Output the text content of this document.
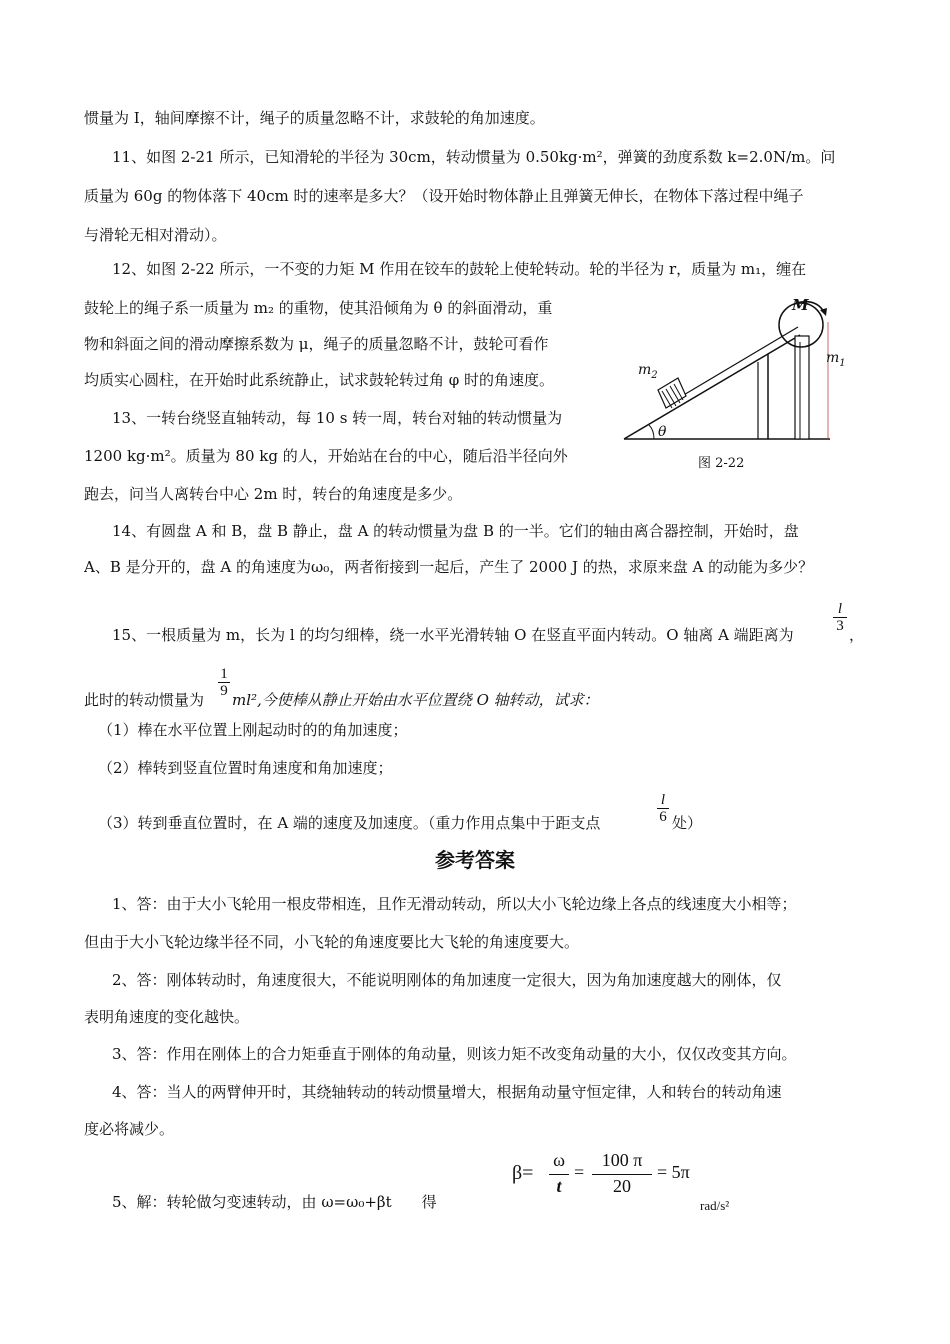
惯量为 I，轴间摩擦不计，绳子的质量忽略不计，求鼓轮的角加速度。
11、如图 2-21 所示，已知滑轮的半径为 30cm，转动惯量为 0.50kg·m²，弹簧的劲度系数 k=2.0N/m。问
质量为 60g 的物体落下 40cm 时的速率是多大？（设开始时物体静止且弹簧无伸长，在物体下落过程中绳子
与滑轮无相对滑动）。
12、如图 2-22 所示，一不变的力矩 M 作用在铰车的鼓轮上使轮转动。轮的半径为 r，质量为 m₁，缠在
鼓轮上的绳子系一质量为 m₂ 的重物，使其沿倾角为 θ 的斜面滑动，重
物和斜面之间的滑动摩擦系数为 μ，绳子的质量忽略不计，鼓轮可看作
均质实心圆柱，在开始时此系统静止，试求鼓轮转过角 φ 时的角速度。
13、一转台绕竖直轴转动，每 10 s 转一周，转台对轴的转动惯量为
1200 kg·m²。质量为 80 kg 的人，开始站在台的中心，随后沿半径向外
跑去，问当人离转台中心 2m 时，转台的角速度是多少。
14、有圆盘 A 和 B，盘 B 静止，盘 A 的转动惯量为盘 B 的一半。它们的轴由离合器控制，开始时，盘
A、B 是分开的，盘 A 的角速度为ω₀，两者衔接到一起后，产生了 2000 J 的热，求原来盘 A 的动能为多少？
15、一根质量为 m，长为 l 的均匀细棒，绕一水平光滑转轴 O 在竖直平面内转动。O 轴离 A 端距离为
l
3 ，
此时的转动惯量为
1
9 ml²,今使棒从静止开始由水平位置绕 O 轴转动，试求：
（1）棒在水平位置上刚起动时的的角加速度；
（2）棒转到竖直位置时角速度和角加速度；
（3）转到垂直位置时，在 A 端的速度及加速度。（重力作用点集中于距支点
l
6 处）
参考答案
1、答：由于大小飞轮用一根皮带相连，且作无滑动转动，所以大小飞轮边缘上各点的线速度大小相等；
但由于大小飞轮边缘半径不同，小飞轮的角速度要比大飞轮的角速度要大。
2、答：刚体转动时，角速度很大，不能说明刚体的角加速度一定很大，因为角加速度越大的刚体，仅
表明角速度的变化越快。
3、答：作用在刚体上的合力矩垂直于刚体的角动量，则该力矩不改变角动量的大小，仅仅改变其方向。
4、答：当人的两臂伸开时，其绕轴转动的转动惯量增大，根据角动量守恒定律，人和转台的转动角速
度必将减少。
5、解：转轮做匀变速转动，由 ω=ω₀+βt　　得
β=
ω
t
=
100 π
20
= 5π
rad/s²
M
$m_1$
$m_2$
θ
图 2-22
